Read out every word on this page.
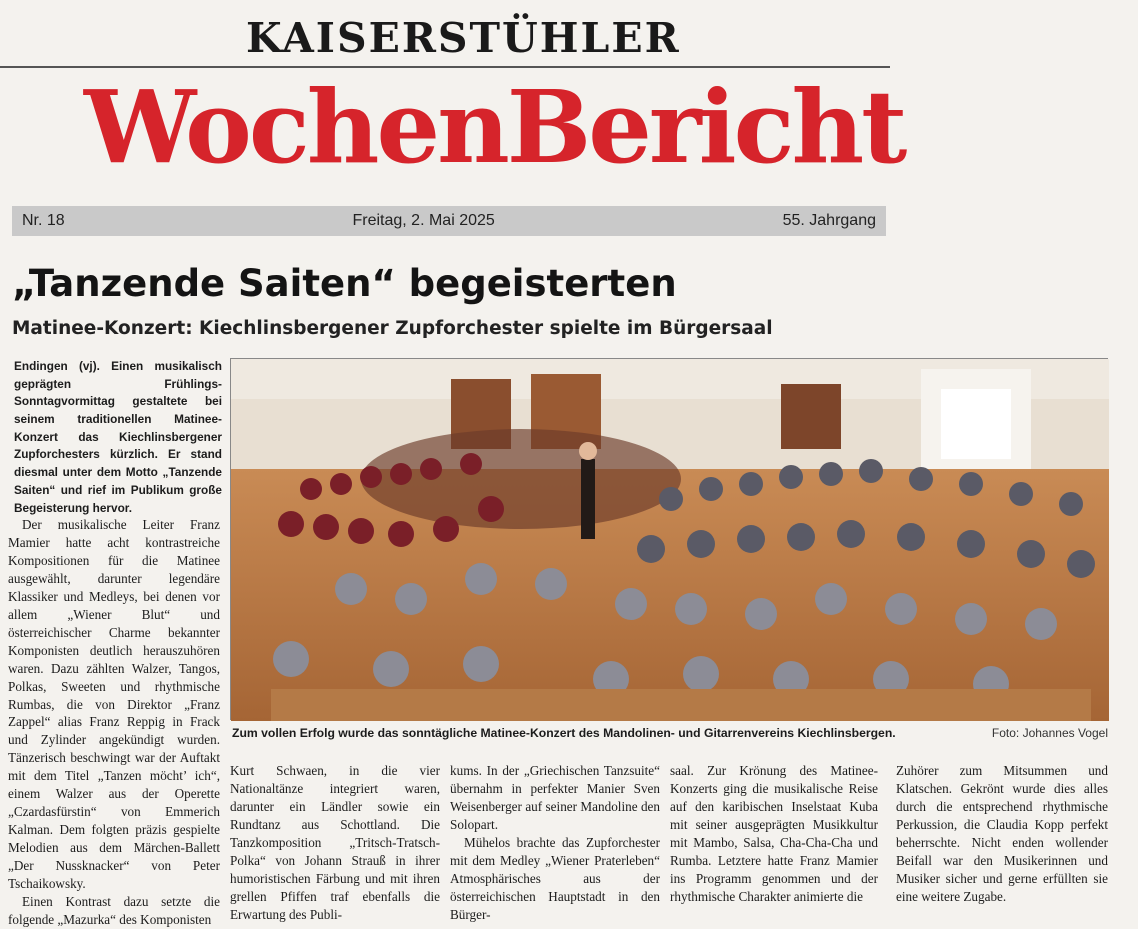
KAISERSTÜHLER
WochenBericht
Nr. 18	Freitag, 2. Mai 2025	55. Jahrgang
„Tanzende Saiten“ begeisterten
Matinee-Konzert: Kiechlinsbergener Zupforchester spielte im Bürgersaal
Endingen (vj). Einen musikalisch geprägten Frühlings-Sonntagvormittag gestaltete bei seinem traditionellen Matinee-Konzert das Kiechlinsbergener Zupforchesters kürzlich. Er stand diesmal unter dem Motto „Tanzende Saiten“ und rief im Publikum große Begeisterung hervor.

Der musikalische Leiter Franz Mamier hatte acht kontrastreiche Kompositionen für die Matinee ausgewählt, darunter legendäre Klassiker und Medleys, bei denen vor allem „Wiener Blut“ und österreichischer Charme bekannter Komponisten deutlich herauszuhören waren. Dazu zählten Walzer, Tangos, Polkas, Sweeten und rhythmische Rumbas, die von Direktor „Franz Zappel“ alias Franz Reppig in Frack und Zylinder angekündigt wurden. Tänzerisch beschwingt war der Auftakt mit dem Titel „Tanzen möcht’ ich“, einem Walzer aus der Operette „Czardasfürstin“ von Emmerich Kalman. Dem folgten präzis gespielte Melodien aus dem Märchen-Ballett „Der Nussknacker“ von Peter Tschaikowsky.

Einen Kontrast dazu setzte die folgende „Mazurka“ des Komponisten

Zum vollen Erfolg wurde das sonntägliche Matinee-Konzert des Mandolinen- und Gitarrenvereins Kiechlinsbergen.	Foto: Johannes Vogel

Kurt Schwaen, in die vier Nationaltänze integriert waren, darunter ein Ländler sowie ein Rundtanz aus Schottland. Die Tanzkomposition „Tritsch-Tratsch-Polka“ von Johann Strauß in ihrer humoristischen Färbung und mit ihren grellen Pfiffen traf ebenfalls die Erwartung des Publi-

kums. In der „Griechischen Tanzsuite“ übernahm in perfekter Manier Sven Weisenberger auf seiner Mandoline den Solopart.

Mühelos brachte das Zupforchester mit dem Medley „Wiener Praterleben“ Atmosphärisches aus der österreichischen Hauptstadt in den Bürger-

saal. Zur Krönung des Matinee-Konzerts ging die musikalische Reise auf den karibischen Inselstaat Kuba mit seiner ausgeprägten Musikkultur mit Mambo, Salsa, Cha-Cha-Cha und Rumba. Letztere hatte Franz Mamier ins Programm genommen und der rhythmische Charakter animierte die

Zuhörer zum Mitsummen und Klatschen. Gekrönt wurde dies alles durch die entsprechend rhythmische Perkussion, die Claudia Kopp perfekt beherrschte. Nicht enden wollender Beifall war den Musikerinnen und Musiker sicher und gerne erfüllten sie eine weitere Zugabe.
